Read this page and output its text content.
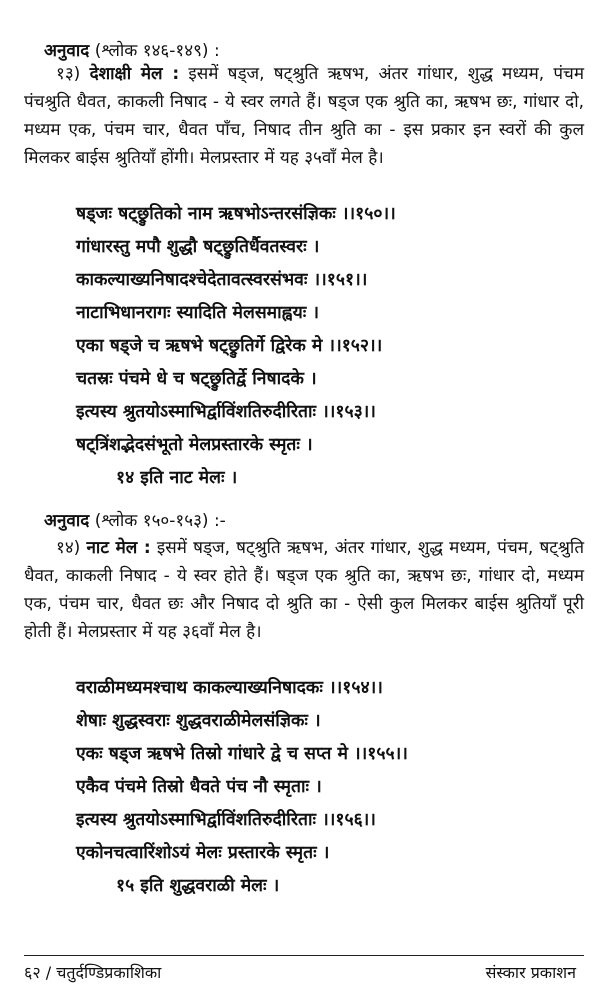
अनुवाद (श्लोक १४६-१४९) :
१३) देशाक्षी मेल : इसमें षड्ज, षट्श्रुति ऋषभ, अंतर गांधार, शुद्ध मध्यम, पंचम पंचश्रुति धैवत, काकली निषाद - ये स्वर लगते हैं। षड्ज एक श्रुति का, ऋषभ छः, गांधार दो, मध्यम एक, पंचम चार, धैवत पाँच, निषाद तीन श्रुति का - इस प्रकार इन स्वरों की कुल मिलकर बाईस श्रुतियाँ होंगी। मेलप्रस्तार में यह ३५वाँ मेल है।
षड्जः षट्छ्रुतिको नाम ऋषभोऽन्तरसंज्ञिकः ।।१५०।।
गांधारस्तु मपौ शुद्धौ षट्छ्रुतिर्धैवतस्वरः ।
काकल्याख्यनिषादश्चेदेतावत्स्वरसंभवः ।।१५१।।
नाटाभिधानरागः स्यादिति मेलसमाह्वयः ।
एका षड्जे च ऋषभे षट्छ्रुतिर्गे द्विरेक मे ।।१५२।।
चतस्रः पंचमे धे च षट्छ्रुतिर्द्वे निषादके ।
इत्यस्य श्रुतयोऽस्माभिर्द्वाविंशतिरुदीरिताः ।।१५३।।
षट्त्रिंशद्भेदसंभूतो मेलप्रस्तारके स्मृतः ।
१४ इति नाट मेलः ।
अनुवाद (श्लोक १५०-१५३) :-
१४) नाट मेल : इसमें षड्ज, षट्श्रुति ऋषभ, अंतर गांधार, शुद्ध मध्यम, पंचम, षट्श्रुति धैवत, काकली निषाद - ये स्वर होते हैं। षड्ज एक श्रुति का, ऋषभ छः, गांधार दो, मध्यम एक, पंचम चार, धैवत छः और निषाद दो श्रुति का - ऐसी कुल मिलकर बाईस श्रुतियाँ पूरी होती हैं। मेलप्रस्तार में यह ३६वाँ मेल है।
वराळीमध्यमश्चाथ काकल्याख्यनिषादकः ।।१५४।।
शेषाः शुद्धस्वराः शुद्धवराळीमेलसंज्ञिकः ।
एकः षड्ज ऋषभे तिस्रो गांधारे द्वे च सप्त मे ।।१५५।।
एकैव पंचमे तिस्रो धैवते पंच नौ स्मृताः ।
इत्यस्य श्रुतयोऽस्माभिर्द्वाविंशतिरुदीरिताः ।।१५६।।
एकोनचत्वारिंशोऽयं मेलः प्रस्तारके स्मृतः ।
१५ इति शुद्धवराळी मेलः ।
६२ / चतुर्दण्डिप्रकाशिका	संस्कार प्रकाशन
